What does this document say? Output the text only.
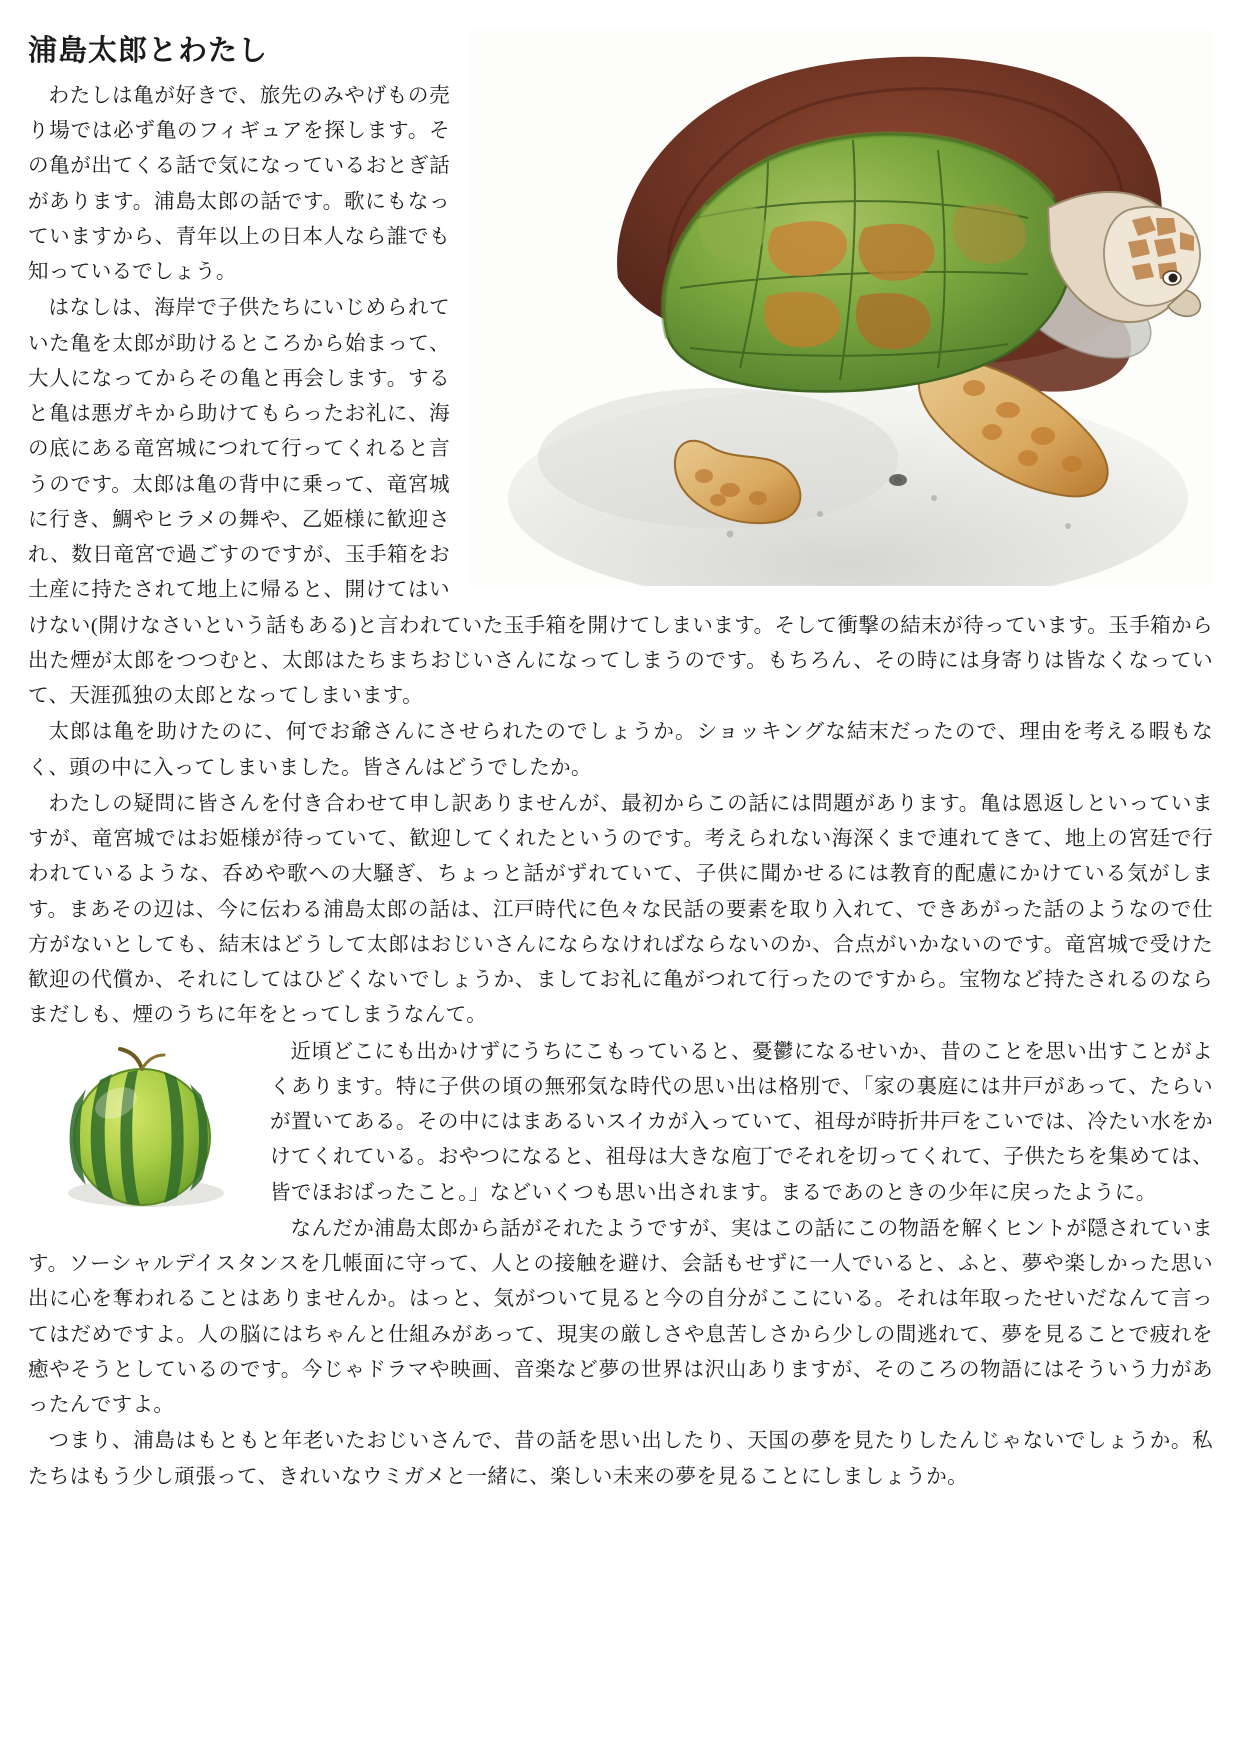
浦島太郎とわたし

わたしは亀が好きで、旅先のみやげもの売り場では必ず亀のフィギュアを探します。その亀が出てくる話で気になっているおとぎ話があります。浦島太郎の話です。歌にもなっていますから、青年以上の日本人なら誰でも知っているでしょう。

はなしは、海岸で子供たちにいじめられていた亀を太郎が助けるところから始まって、大人になってからその亀と再会します。すると亀は悪ガキから助けてもらったお礼に、海の底にある竜宮城につれて行ってくれると言うのです。太郎は亀の背中に乗って、竜宮城に行き、鯛やヒラメの舞や、乙姫様に歓迎され、数日竜宮で過ごすのですが、玉手箱をお土産に持たされて地上に帰ると、開けてはいけない(開けなさいという話もある)と言われていた玉手箱を開けてしまいます。そして衝撃の結末が待っています。玉手箱から出た煙が太郎をつつむと、太郎はたちまちおじいさんになってしまうのです。もちろん、その時には身寄りは皆なくなっていて、天涯孤独の太郎となってしまいます。

太郎は亀を助けたのに、何でお爺さんにさせられたのでしょうか。ショッキングな結末だったので、理由を考える暇もなく、頭の中に入ってしまいました。皆さんはどうでしたか。

わたしの疑問に皆さんを付き合わせて申し訳ありませんが、最初からこの話には問題があります。亀は恩返しといっていますが、竜宮城ではお姫様が待っていて、歓迎してくれたというのです。考えられない海深くまで連れてきて、地上の宮廷で行われているような、呑めや歌への大騒ぎ、ちょっと話がずれていて、子供に聞かせるには教育的配慮にかけている気がします。まあその辺は、今に伝わる浦島太郎の話は、江戸時代に色々な民話の要素を取り入れて、できあがった話のようなので仕方がないとしても、結末はどうして太郎はおじいさんにならなければならないのか、合点がいかないのです。竜宮城で受けた歓迎の代償か、それにしてはひどくないでしょうか、ましてお礼に亀がつれて行ったのですから。宝物など持たされるのならまだしも、煙のうちに年をとってしまうなんて。

近頃どこにも出かけずにうちにこもっていると、憂鬱になるせいか、昔のことを思い出すことがよくあります。特に子供の頃の無邪気な時代の思い出は格別で、「家の裏庭には井戸があって、たらいが置いてある。その中にはまあるいスイカが入っていて、祖母が時折井戸をこいでは、冷たい水をかけてくれている。おやつになると、祖母は大きな庖丁でそれを切ってくれて、子供たちを集めては、皆でほおばったこと。」などいくつも思い出されます。まるであのときの少年に戻ったように。

なんだか浦島太郎から話がそれたようですが、実はこの話にこの物語を解くヒントが隠されています。ソーシャルデイスタンスを几帳面に守って、人との接触を避け、会話もせずに一人でいると、ふと、夢や楽しかった思い出に心を奪われることはありませんか。はっと、気がついて見ると今の自分がここにいる。それは年取ったせいだなんて言ってはだめですよ。人の脳にはちゃんと仕組みがあって、現実の厳しさや息苦しさから少しの間逃れて、夢を見ることで疲れを癒やそうとしているのです。今じゃドラマや映画、音楽など夢の世界は沢山ありますが、そのころの物語にはそういう力があったんですよ。

つまり、浦島はもともと年老いたおじいさんで、昔の話を思い出したり、天国の夢を見たりしたんじゃないでしょうか。私たちはもう少し頑張って、きれいなウミガメと一緒に、楽しい未来の夢を見ることにしましょうか。
